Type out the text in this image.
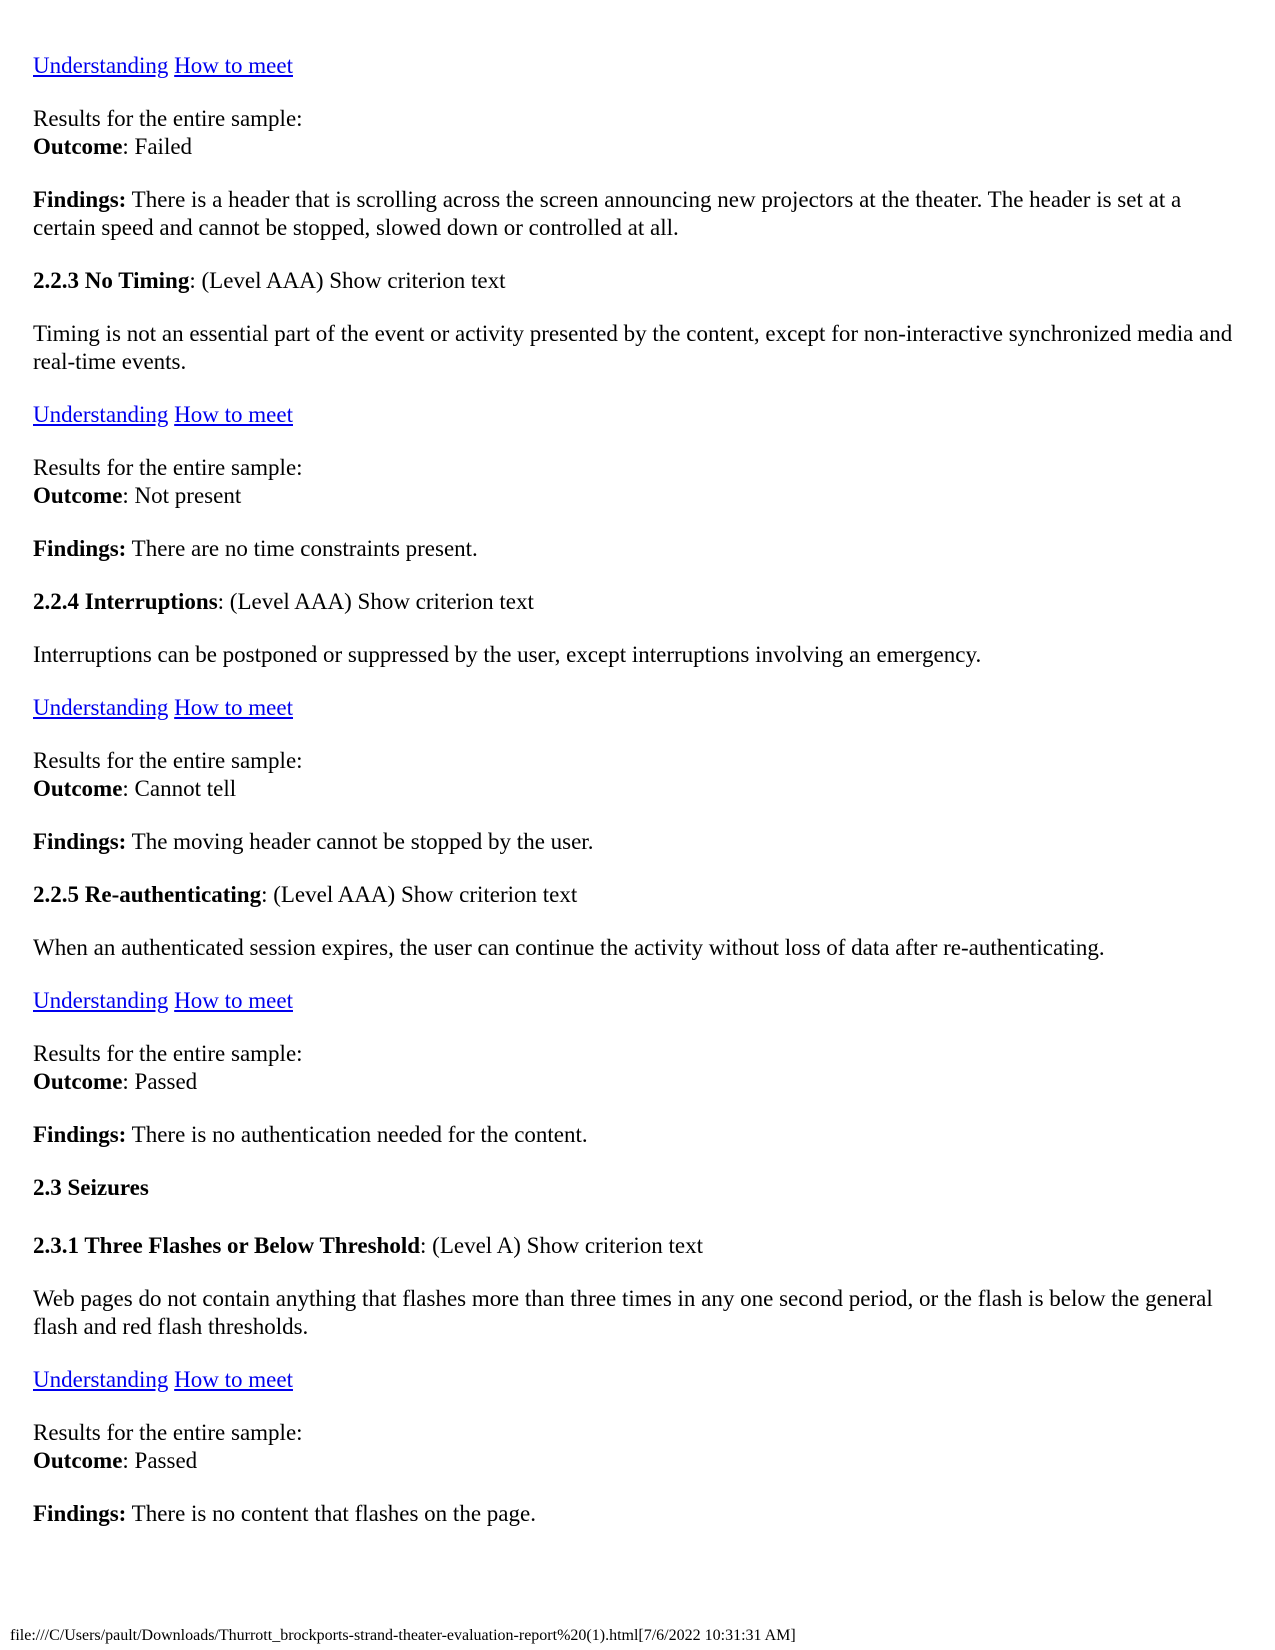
Understanding How to meet

Results for the entire sample:

Outcome: Failed

Findings: There is a header that is scrolling across the screen announcing new projectors at the theater. The header is set at a certain speed and cannot be stopped, slowed down or controlled at all.

2.2.3 No Timing: (Level AAA) Show criterion text

Timing is not an essential part of the event or activity presented by the content, except for non-interactive synchronized media and real-time events.

Understanding How to meet

Results for the entire sample:

Outcome: Not present

Findings: There are no time constraints present.

2.2.4 Interruptions: (Level AAA) Show criterion text

Interruptions can be postponed or suppressed by the user, except interruptions involving an emergency.

Understanding How to meet

Results for the entire sample:

Outcome: Cannot tell

Findings: The moving header cannot be stopped by the user.

2.2.5 Re-authenticating: (Level AAA) Show criterion text

When an authenticated session expires, the user can continue the activity without loss of data after re-authenticating.

Understanding How to meet

Results for the entire sample:

Outcome: Passed

Findings: There is no authentication needed for the content.

2.3 Seizures

2.3.1 Three Flashes or Below Threshold: (Level A) Show criterion text

Web pages do not contain anything that flashes more than three times in any one second period, or the flash is below the general flash and red flash thresholds.

Understanding How to meet

Results for the entire sample:

Outcome: Passed

Findings: There is no content that flashes on the page.

file:///C/Users/pault/Downloads/Thurrott_brockports-strand-theater-evaluation-report%20(1).html[7/6/2022 10:31:31 AM]
